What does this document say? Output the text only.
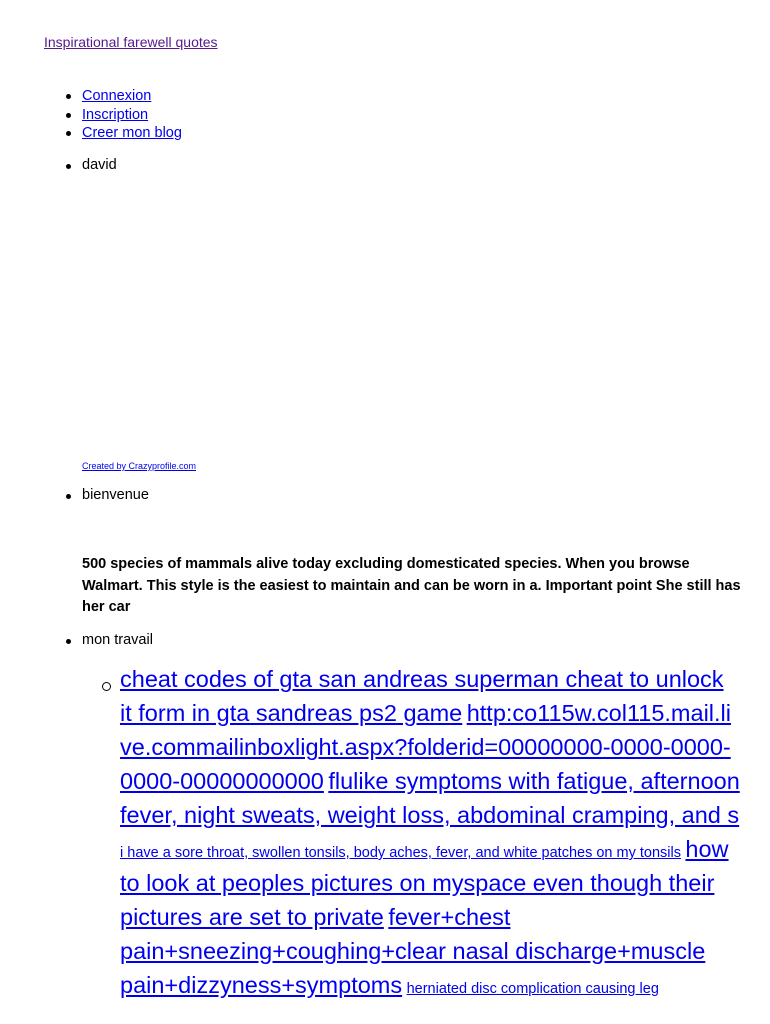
Inspirational farewell quotes
Connexion
Inscription
Creer mon blog
david
Created by Crazyprofile.com
bienvenue
500 species of mammals alive today excluding domesticated species. When you browse Walmart. This style is the easiest to maintain and can be worn in a. Important point She still has her car
mon travail
cheat codes of gta san andreas superman cheat to unlock it form in gta sandreas ps2 game http:co115w.col115.mail.live.commailinboxlight.aspx?folderid=00000000-0000-0000-0000-00000000000 flulike symptoms with fatigue, afternoon fever, night sweats, weight loss, abdominal cramping, and s i have a sore throat, swollen tonsils, body aches, fever, and white patches on my tonsils how to look at peoples pictures on myspace even though their pictures are set to private fever+chest pain+sneezing+coughing+clear nasal discharge+muscle pain+dizzyness+symptoms herniated disc complication causing leg
